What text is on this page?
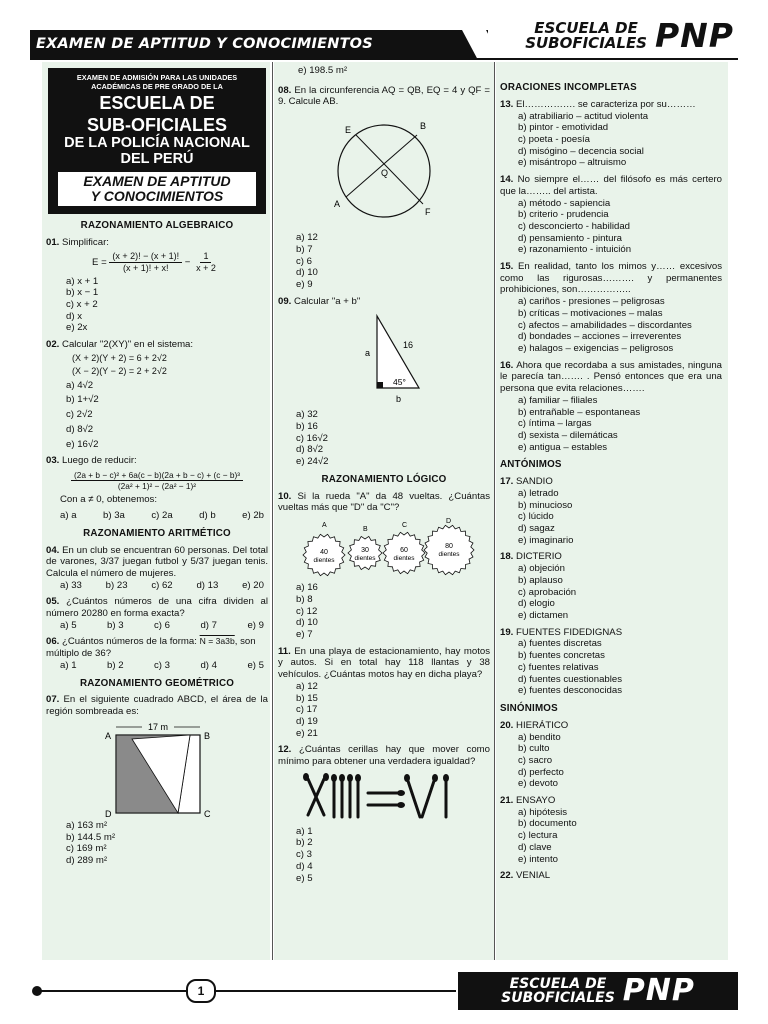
EXAMEN DE APTITUD Y CONOCIMIENTOS
ESCUELA DE
SUBOFICIALES PNP
EXAMEN DE ADMISIÓN PARA LAS UNIDADES ACADÉMICAS DE PRE GRADO DE LA
ESCUELA DE
SUB-OFICIALES
DE LA POLICÍA NACIONAL
DEL PERÚ
EXAMEN DE APTITUD
Y CONOCIMIENTOS
RAZONAMIENTO ALGEBRAICO
01. Simplificar:
$E = \frac{(x + 2)! - (x + 1)!}{(x + 1)! + x!} - \frac{1}{x + 2}$
a) x + 1
b) x − 1
c) x + 2
d) x
e) 2x
02. Calcular "2(XY)" en el sistema:
(X + 2)(Y + 2) = 6 + 2√2
(X − 2)(Y − 2) = 2 + 2√2
a) 4√2
b) 1+√2
c) 2√2
d) 8√2
e) 16√2
03. Luego de reducir:
$\frac{\text{(2a + b − c)² + 6a(c − b)(2a + b − c) + (c − b)³}}{\text{(2a² + 1)² − (2a² − 1)²}}$
Con a ≠ 0, obtenemos:
a) a	b) 3a	c) 2a	d) b	e) 2b
RAZONAMIENTO ARITMÉTICO
04. En un club se encuentran 60 personas. Del total de varones, 3/37 juegan futbol y 5/37 juegan tenis. Calcula el número de mujeres.
a) 33 b) 23 c) 62 d) 13 e) 20
05. ¿Cuántos números de una cifra dividen al número 20280 en forma exacta?
a) 5	b) 3	c) 6	d) 7	e) 9
06. ¿Cuántos números de la forma: N = 3a3b, son múltiplo de 36?
a) 1	b) 2	c) 3	d) 4	e) 5
RAZONAMIENTO GEOMÉTRICO
07. En el siguiente cuadrado ABCD, el área de la región sombreada es:
17 m
A	B
C
D
a) 163 m²
b) 144.5 m²
c) 169 m²
d) 289 m²
e) 198.5 m²
08. En la circunferencia AQ = QB, EQ = 4 y QF = 9. Calcule AB.
E	B
Q
A
F
a) 12
b) 7
c) 6
d) 10
e) 9
09. Calcular "a + b"
16
a
b
45°
a) 32
b) 16
c) 16√2
d) 8√2
e) 24√2
RAZONAMIENTO LÓGICO
10. Si la rueda "A" da 48 vueltas. ¿Cuántas vueltas más que "D" da "C"?
A
B
C
D
40
dientes
30
dientes
60
dientes
80
dientes
a) 16
b) 8
c) 12
d) 10
e) 7
11. En una playa de estacionamiento, hay motos y autos. Si en total hay 118 llantas y 38 vehículos. ¿Cuántas motos hay en dicha playa?
a) 12
b) 15
c) 17
d) 19
e) 21
12. ¿Cuántas cerillas hay que mover como mínimo para obtener una verdadera igualdad?
a) 1
b) 2
c) 3
d) 4
e) 5
ORACIONES INCOMPLETAS
13. El……………. se caracteriza por su………
a) atrabiliario – actitud violenta
b) pintor - emotividad
c) poeta - poesía
d) misógino – decencia social
e) misántropo – altruismo
14. No siempre el…… del filósofo es más certero que la…….. del artista.
a) método - sapiencia
b) criterio - prudencia
c) desconcierto - habilidad
d) pensamiento - pintura
e) razonamiento - intuición
15. En realidad, tanto los mimos y…… excesivos como las rigurosas………. y permanentes prohibiciones, son……………..
a) cariños - presiones – peligrosas
b) críticas – motivaciones – malas
c) afectos – amabilidades – discordantes
d) bondades – acciones – irreverentes
e) halagos – exigencias – peligrosos
16. Ahora que recordaba a sus amistades, ninguna le parecía tan……. . Pensó entonces que era una persona que evita relaciones…….
a) familiar – filiales
b) entrañable – espontaneas
c) íntima – largas
d) sexista – dilemáticas
e) antigua – estables
ANTÓNIMOS
17. SANDIO
a) letrado
b) minucioso
c) lúcido
d) sagaz
e) imaginario
18. DICTERIO
a) objeción
b) aplauso
c) aprobación
d) elogio
e) dictamen
19. FUENTES FIDEDIGNAS
a) fuentes discretas
b) fuentes concretas
c) fuentes relativas
d) fuentes cuestionables
e) fuentes desconocidas
SINÓNIMOS
20. HIERÁTICO
a) bendito
b) culto
c) sacro
d) perfecto
e) devoto
21. ENSAYO
a) hipótesis
b) documento
c) lectura
d) clave
e) intento
22. VENIAL
1	ESCUELA DE
SUBOFICIALES PNP
